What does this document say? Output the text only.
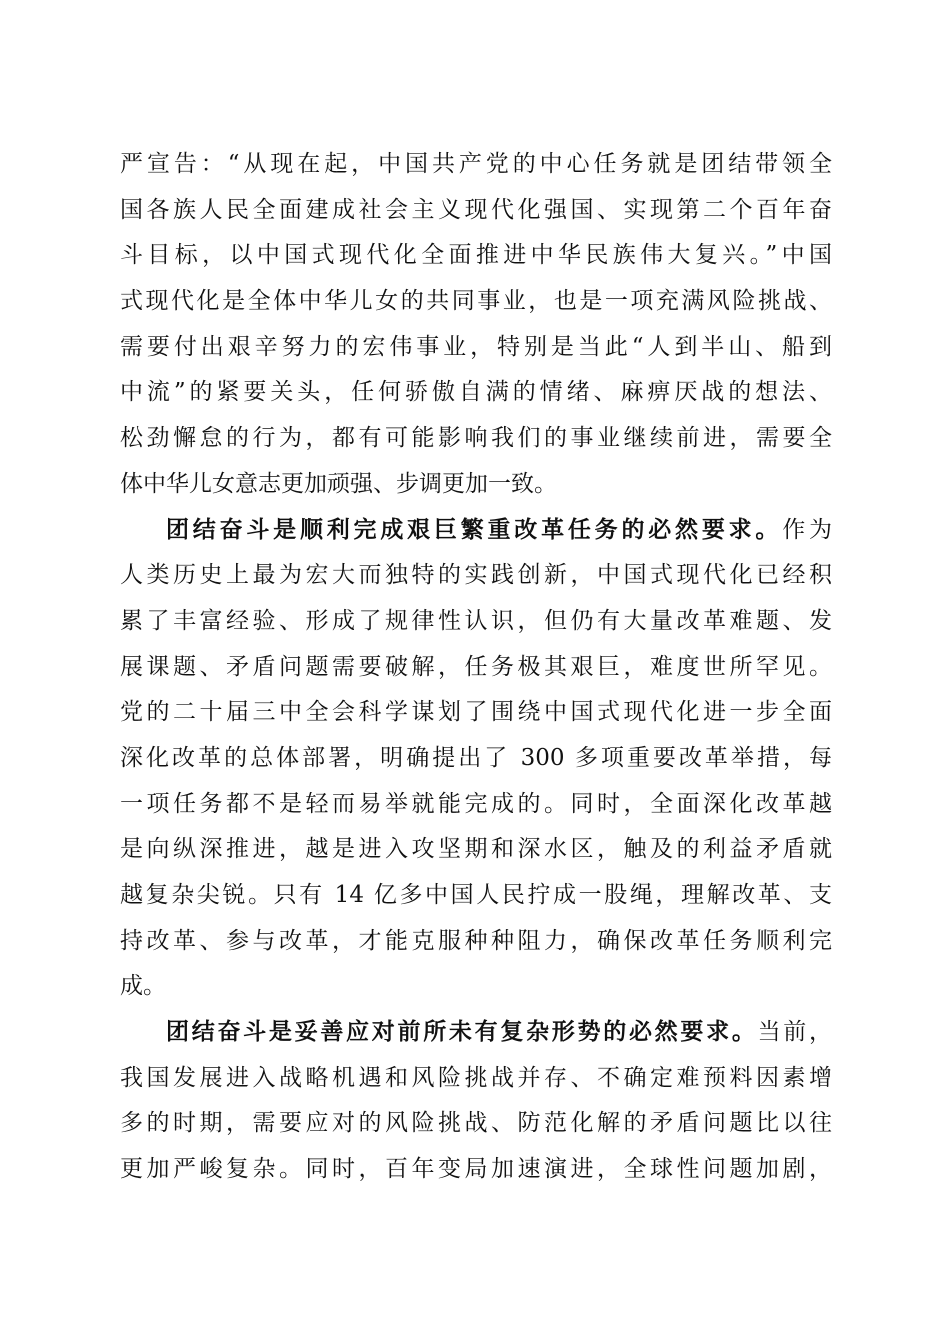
严宣告：“从现在起，中国共产党的中心任务就是团结带领全
国各族人民全面建成社会主义现代化强国、实现第二个百年奋
斗目标，以中国式现代化全面推进中华民族伟大复兴。”中国
式现代化是全体中华儿女的共同事业，也是一项充满风险挑战、
需要付出艰辛努力的宏伟事业，特别是当此“人到半山、船到
中流”的紧要关头，任何骄傲自满的情绪、麻痹厌战的想法、
松劲懈怠的行为，都有可能影响我们的事业继续前进，需要全
体中华儿女意志更加顽强、步调更加一致。
团结奋斗是顺利完成艰巨繁重改革任务的必然要求。作为
人类历史上最为宏大而独特的实践创新，中国式现代化已经积
累了丰富经验、形成了规律性认识，但仍有大量改革难题、发
展课题、矛盾问题需要破解，任务极其艰巨，难度世所罕见。
党的二十届三中全会科学谋划了围绕中国式现代化进一步全面
深化改革的总体部署，明确提出了 300 多项重要改革举措，每
一项任务都不是轻而易举就能完成的。同时，全面深化改革越
是向纵深推进，越是进入攻坚期和深水区，触及的利益矛盾就
越复杂尖锐。只有 14 亿多中国人民拧成一股绳，理解改革、支
持改革、参与改革，才能克服种种阻力，确保改革任务顺利完
成。
团结奋斗是妥善应对前所未有复杂形势的必然要求。当前，
我国发展进入战略机遇和风险挑战并存、不确定难预料因素增
多的时期，需要应对的风险挑战、防范化解的矛盾问题比以往
更加严峻复杂。同时，百年变局加速演进，全球性问题加剧，
